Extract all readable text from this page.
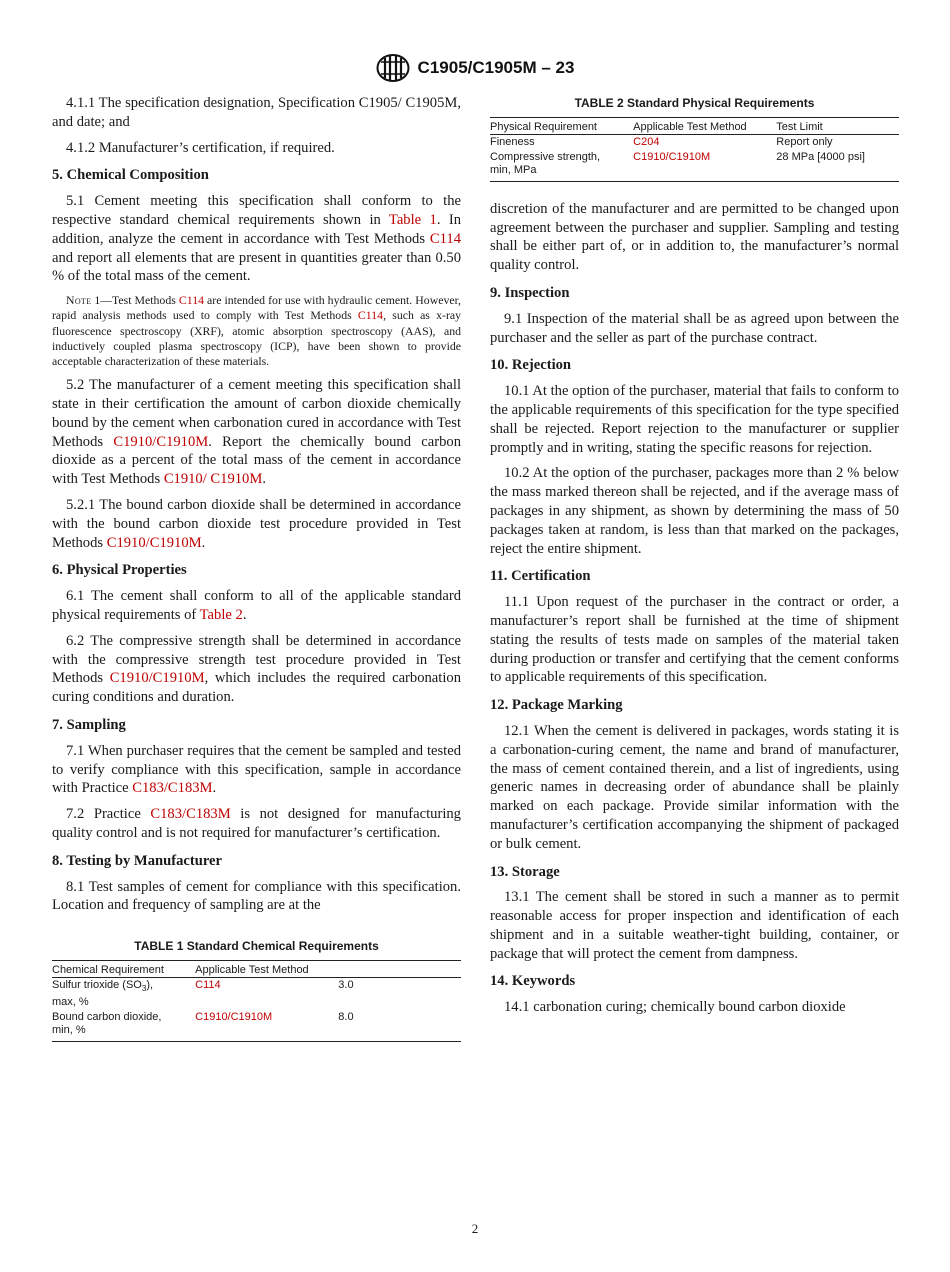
C1905/C1905M – 23

4.1.1 The specification designation, Specification C1905/ C1905M, and date; and

4.1.2 Manufacturer’s certification, if required.

5. Chemical Composition

5.1 Cement meeting this specification shall conform to the respective standard chemical requirements shown in Table 1. In addition, analyze the cement in accordance with Test Methods C114 and report all elements that are present in quantities greater than 0.50 % of the total mass of the cement.

Note 1—Test Methods C114 are intended for use with hydraulic cement. However, rapid analysis methods used to comply with Test Methods C114, such as x-ray fluorescence spectroscopy (XRF), atomic absorption spectroscopy (AAS), and inductively coupled plasma spectroscopy (ICP), have been shown to provide acceptable characterization of these materials.

5.2 The manufacturer of a cement meeting this specification shall state in their certification the amount of carbon dioxide chemically bound by the cement when carbonation cured in accordance with Test Methods C1910/C1910M. Report the chemically bound carbon dioxide as a percent of the total mass of the cement in accordance with Test Methods C1910/ C1910M.

5.2.1 The bound carbon dioxide shall be determined in accordance with the bound carbon dioxide test procedure provided in Test Methods C1910/C1910M.

6. Physical Properties

6.1 The cement shall conform to all of the applicable standard physical requirements of Table 2.

6.2 The compressive strength shall be determined in accordance with the compressive strength test procedure provided in Test Methods C1910/C1910M, which includes the required carbonation curing conditions and duration.

7. Sampling

7.1 When purchaser requires that the cement be sampled and tested to verify compliance with this specification, sample in accordance with Practice C183/C183M.

7.2 Practice C183/C183M is not designed for manufacturing quality control and is not required for manufacturer’s certification.

8. Testing by Manufacturer

8.1 Test samples of cement for compliance with this specification. Location and frequency of sampling are at the

TABLE 1 Standard Chemical Requirements

Chemical Requirement	Applicable Test Method	
Sulfur trioxide $(SO_3)$,
max, %	C114	3.0
Bound carbon dioxide,
min, %	C1910/C1910M	8.0

TABLE 2 Standard Physical Requirements

Physical Requirement	Applicable Test Method	Test Limit
Fineness	C204	Report only
Compressive strength,
min, MPa	C1910/C1910M	28 MPa [4000 psi]

discretion of the manufacturer and are permitted to be changed upon agreement between the purchaser and supplier. Sampling and testing shall be either part of, or in addition to, the manufacturer’s normal quality control.

9. Inspection

9.1 Inspection of the material shall be as agreed upon between the purchaser and the seller as part of the purchase contract.

10. Rejection

10.1 At the option of the purchaser, material that fails to conform to the applicable requirements of this specification for the type specified shall be rejected. Report rejection to the manufacturer or supplier promptly and in writing, stating the specific reasons for rejection.

10.2 At the option of the purchaser, packages more than 2 % below the mass marked thereon shall be rejected, and if the average mass of packages in any shipment, as shown by determining the mass of 50 packages taken at random, is less than that marked on the packages, reject the entire shipment.

11. Certification

11.1 Upon request of the purchaser in the contract or order, a manufacturer’s report shall be furnished at the time of shipment stating the results of tests made on samples of the material taken during production or transfer and certifying that the cement conforms to applicable requirements of this specification.

12. Package Marking

12.1 When the cement is delivered in packages, words stating it is a carbonation-curing cement, the name and brand of manufacturer, the mass of cement contained therein, and a list of ingredients, using generic names in decreasing order of abundance shall be plainly marked on each package. Provide similar information with the manufacturer’s certification accompanying the shipment of packaged or bulk cement.

13. Storage

13.1 The cement shall be stored in such a manner as to permit reasonable access for proper inspection and identification of each shipment and in a suitable weather-tight building, container, or package that will protect the cement from dampness.

14. Keywords

14.1 carbonation curing; chemically bound carbon dioxide

2
